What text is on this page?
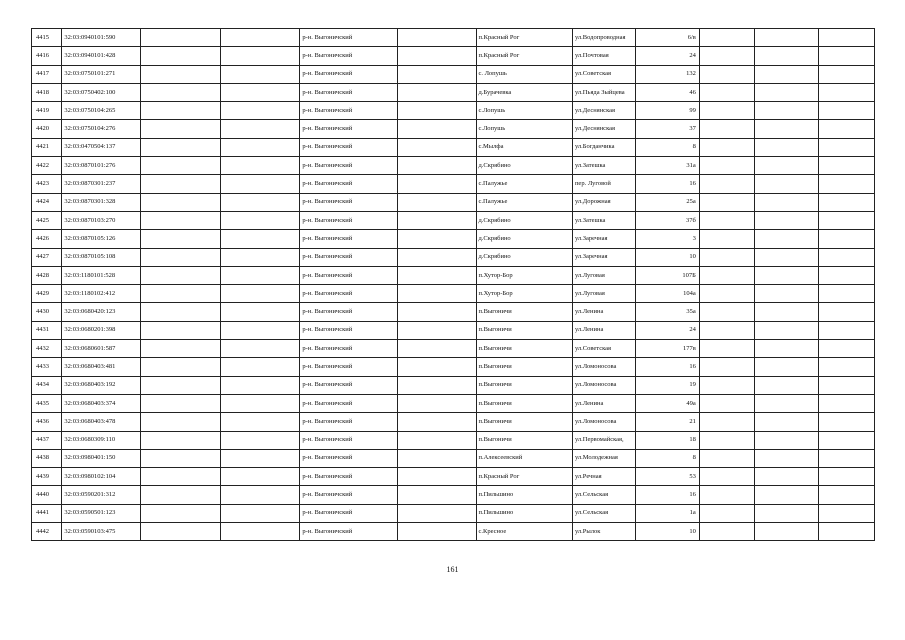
4415	32:03:0940101:590			р-н. Выгоничский		п.Красный Рог	ул.Водопроводная	6/в			
4416	32:03:0940101:428			р-н. Выгоничский		п.Красный Рог	ул.Почтовая	24			
4417	32:03:0750101:271			р-н. Выгоничский		с. Лопушь	ул.Советская	132			
4418	32:03:0750402:100			р-н. Выгоничский		д.Бурачевка	ул.Пьяда Зыйцева	46			
4419	32:03:0750104:265			р-н. Выгоничский		с.Лопушь	ул.Деснянская	99			
4420	32:03:0750104:276			р-н. Выгоничский		с.Лопушь	ул.Деснянская	37			
4421	32:03:0470504:137			р-н. Выгоничский		с.Мылфа	ул.Богданчика	8			
4422	32:03:0870101:276			р-н. Выгоничский		д.Скрябино	ул.Затешка	31а			
4423	32:03:0870301:237			р-н. Выгоничский		с.Палужье	пер. Луговой	16			
4424	32:03:0870301:328			р-н. Выгоничский		с.Палужье	ул.Дорожная	25а			
4425	32:03:0870103:270			р-н. Выгоничский		д.Скрябино	ул.Затешка	37б			
4426	32:03:0870105:126			р-н. Выгоничский		д.Скрябино	ул.Заречная	3			
4427	32:03:0870105:108			р-н. Выгоничский		д.Скрябино	ул.Заречная	10			
4428	32:03:1180101:528			р-н. Выгоничский		п.Хутор-Бор	ул.Луговая	107Б			
4429	32:03:1180102:412			р-н. Выгоничский		п.Хутор-Бор	ул.Луговая	104а			
4430	32:03:0680420:123			р-н. Выгоничский		п.Выгоничи	ул.Ленина	35а			
4431	32:03:0680201:398			р-н. Выгоничский		п.Выгоничи	ул.Ленина	24			
4432	32:03:0680601:587			р-н. Выгоничский		п.Выгоничи	ул.Советская	177в			
4433	32:03:0680403:481			р-н. Выгоничский		п.Выгоничи	ул.Ломоносова	16			
4434	32:03:0680403:192			р-н. Выгоничский		п.Выгоничи	ул.Ломоносова	19			
4435	32:03:0680403:374			р-н. Выгоничский		п.Выгоничи	ул.Ленина	49а			
4436	32:03:0680403:478			р-н. Выгоничский		п.Выгоничи	ул.Ломоносова	21			
4437	32:03:0680309:110			р-н. Выгоничский		п.Выгоничи	ул.Первомайская,	18			
4438	32:03:0980401:150			р-н. Выгоничский		п.Алексеевский	ул.Молодежная	8			
4439	32:03:0980102:104			р-н. Выгоничский		п.Красный Рог	ул.Речная	53			
4440	32:03:0590201:312			р-н. Выгоничский		п.Пильшино	ул.Сельская	16			
4441	32:03:0590501:123			р-н. Выгоничский		п.Пильшино	ул.Сельская	1а			
4442	32:03:0590103:475			р-н. Выгоничский		с.Кресное	ул.Рылок	10			
161
